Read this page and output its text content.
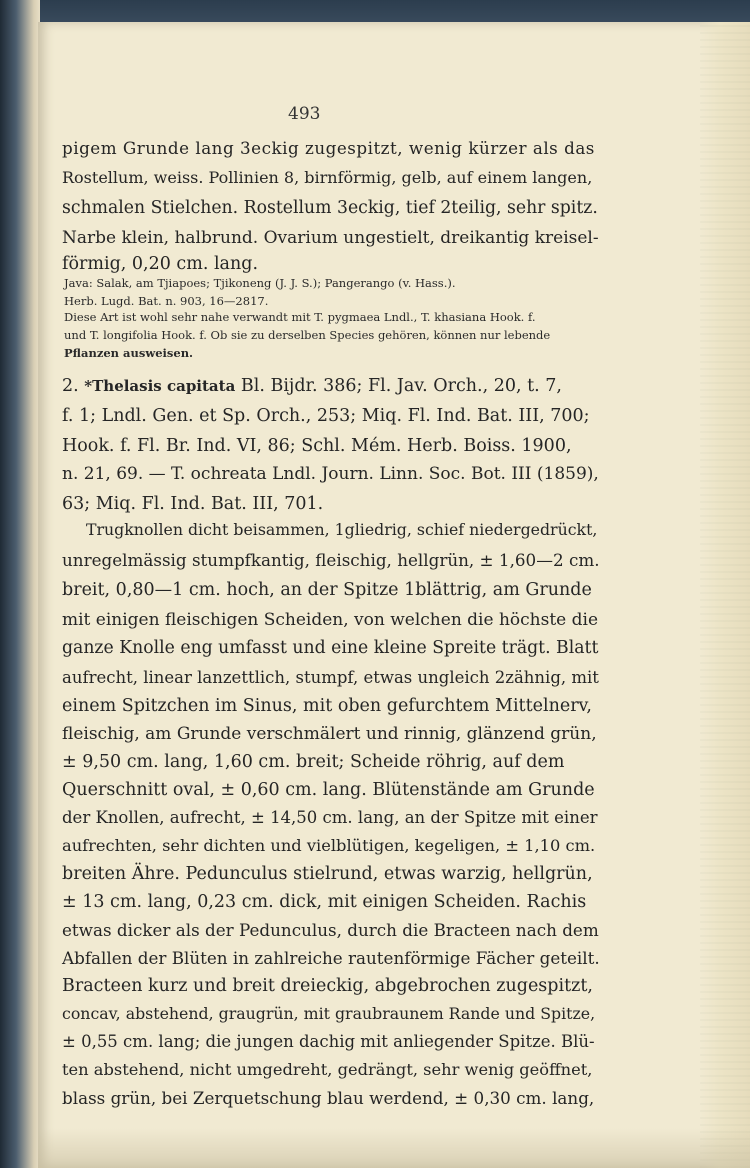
493
pigem Grunde lang 3eckig zugespitzt, wenig kürzer als das
Rostellum, weiss. Pollinien 8, birnförmig, gelb, auf einem langen,
schmalen Stielchen. Rostellum 3eckig, tief 2teilig, sehr spitz.
Narbe klein, halbrund. Ovarium ungestielt, dreikantig kreisel-
förmig, 0,20 cm. lang.
Java: Salak, am Tjiapoes; Tjikoneng (J. J. S.); Pangerango (v. Hass.).
Herb. Lugd. Bat. n. 903, 16—2817.
Diese Art ist wohl sehr nahe verwandt mit T. pygmaea Lndl., T. khasiana Hook. f.
und T. longifolia Hook. f. Ob sie zu derselben Species gehören, können nur lebende
Pflanzen ausweisen.
2. *Thelasis capitata Bl. Bijdr. 386; Fl. Jav. Orch., 20, t. 7,
f. 1; Lndl. Gen. et Sp. Orch., 253; Miq. Fl. Ind. Bat. III, 700;
Hook. f. Fl. Br. Ind. VI, 86; Schl. Mém. Herb. Boiss. 1900,
n. 21, 69. — T. ochreata Lndl. Journ. Linn. Soc. Bot. III (1859),
63; Miq. Fl. Ind. Bat. III, 701.
Trugknollen dicht beisammen, 1gliedrig, schief niedergedrückt,
unregelmässig stumpfkantig, fleischig, hellgrün, ± 1,60—2 cm.
breit, 0,80—1 cm. hoch, an der Spitze 1blättrig, am Grunde
mit einigen fleischigen Scheiden, von welchen die höchste die
ganze Knolle eng umfasst und eine kleine Spreite trägt. Blatt
aufrecht, linear lanzettlich, stumpf, etwas ungleich 2zähnig, mit
einem Spitzchen im Sinus, mit oben gefurchtem Mittelnerv,
fleischig, am Grunde verschmälert und rinnig, glänzend grün,
± 9,50 cm. lang, 1,60 cm. breit; Scheide röhrig, auf dem
Querschnitt oval, ± 0,60 cm. lang. Blütenstände am Grunde
der Knollen, aufrecht, ± 14,50 cm. lang, an der Spitze mit einer
aufrechten, sehr dichten und vielblütigen, kegeligen, ± 1,10 cm.
breiten Ähre. Pedunculus stielrund, etwas warzig, hellgrün,
± 13 cm. lang, 0,23 cm. dick, mit einigen Scheiden. Rachis
etwas dicker als der Pedunculus, durch die Bracteen nach dem
Abfallen der Blüten in zahlreiche rautenförmige Fächer geteilt.
Bracteen kurz und breit dreieckig, abgebrochen zugespitzt,
concav, abstehend, graugrün, mit graubraunem Rande und Spitze,
± 0,55 cm. lang; die jungen dachig mit anliegender Spitze. Blü-
ten abstehend, nicht umgedreht, gedrängt, sehr wenig geöffnet,
blass grün, bei Zerquetschung blau werdend, ± 0,30 cm. lang,
